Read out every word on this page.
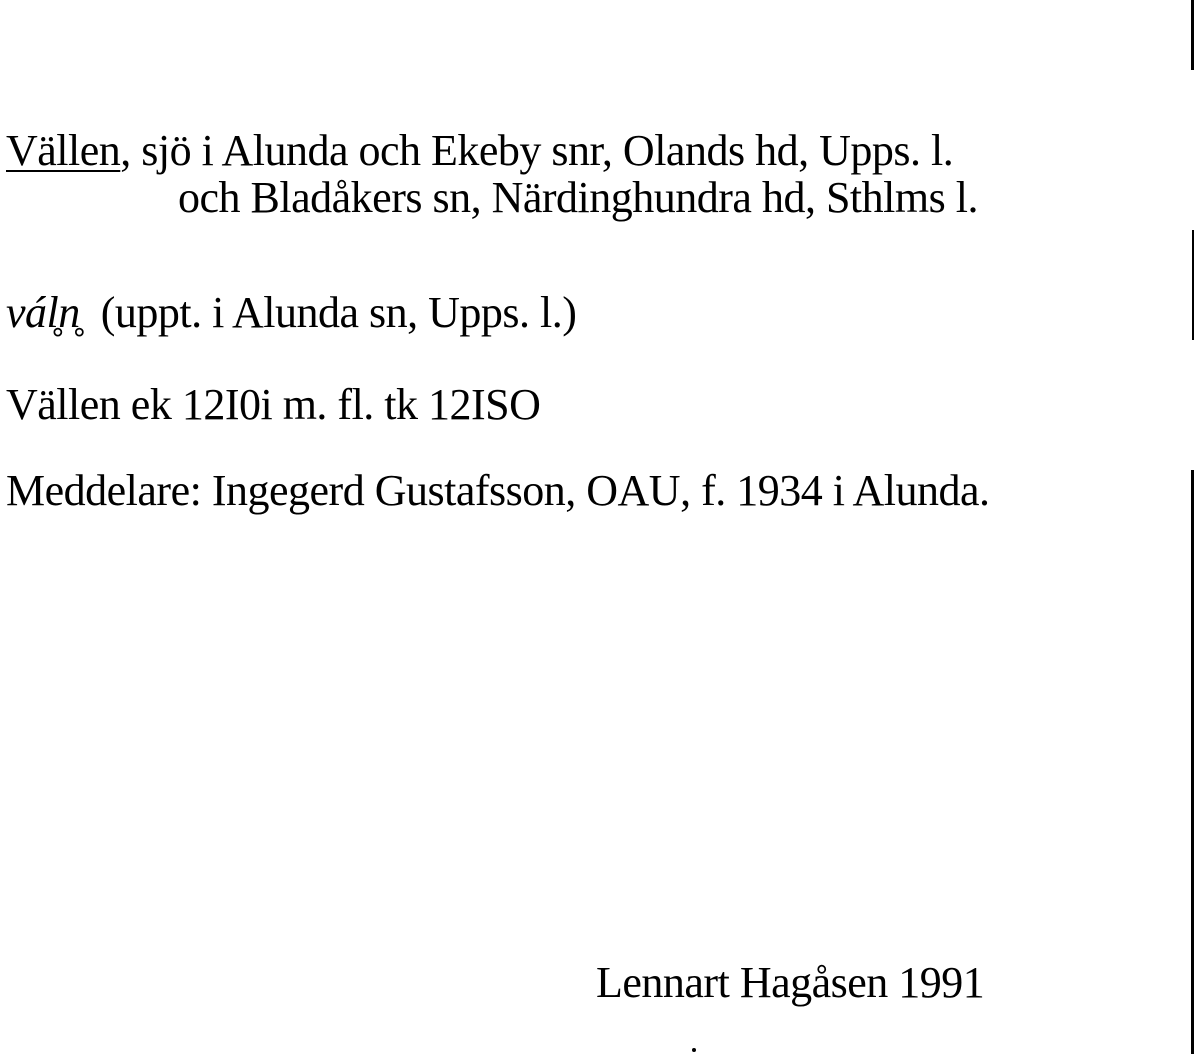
Vällen, sjö i Alunda och Ekeby snr, Olands hd, Upps. l.
och Bladåkers sn, Närdinghundra hd, Sthlms l.
vál̥n̥ (uppt. i Alunda sn, Upps. l.)
Vällen ek 12I0i m. fl. tk 12ISO
Meddelare: Ingegerd Gustafsson, OAU, f. 1934 i Alunda.
Lennart Hagåsen 1991
